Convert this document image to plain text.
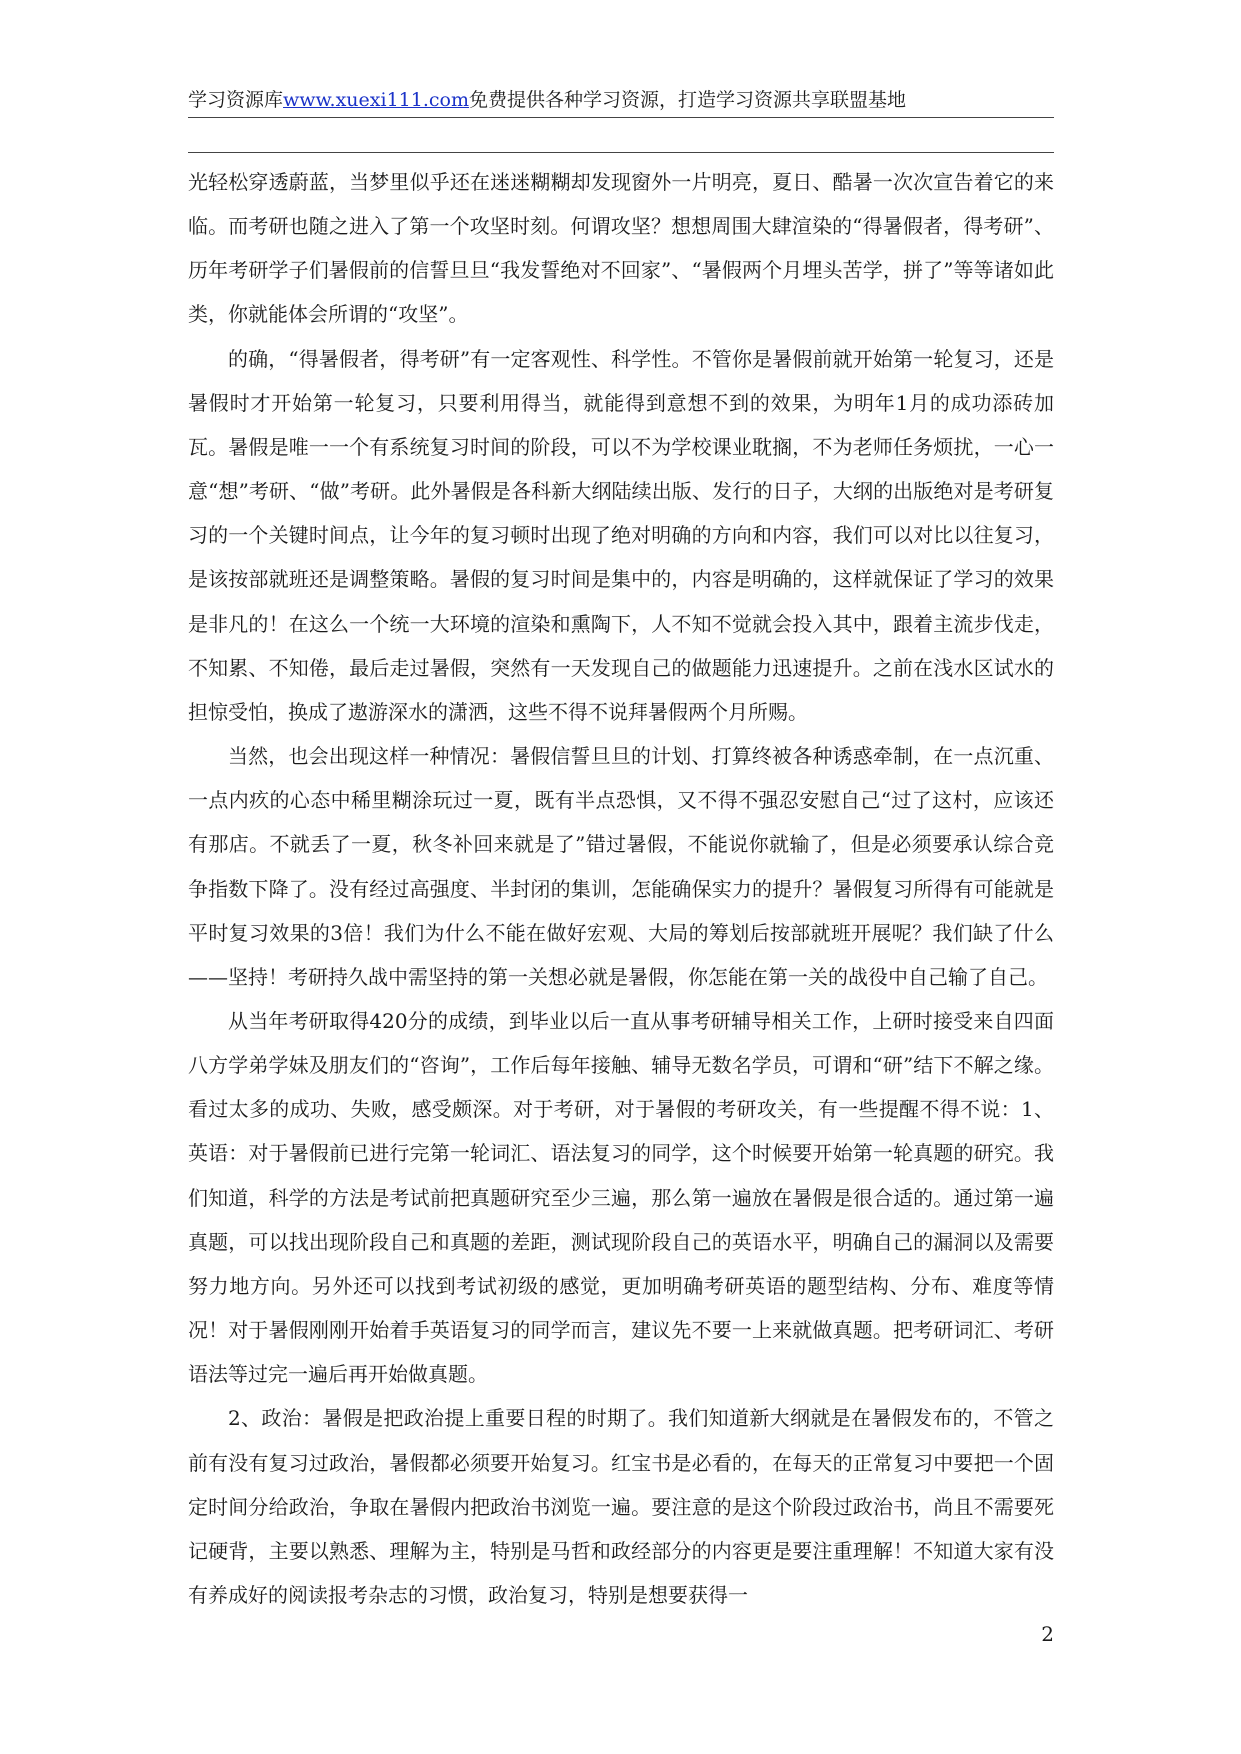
学习资源库www.xuexi111.com免费提供各种学习资源，打造学习资源共享联盟基地

光轻松穿透蔚蓝，当梦里似乎还在迷迷糊糊却发现窗外一片明亮，夏日、酷暑一次次宣告着它的来临。而考研也随之进入了第一个攻坚时刻。何谓攻坚？想想周围大肆渲染的“得暑假者，得考研”、历年考研学子们暑假前的信誓旦旦“我发誓绝对不回家”、“暑假两个月埋头苦学，拼了”等等诸如此类，你就能体会所谓的“攻坚”。

的确，“得暑假者，得考研”有一定客观性、科学性。不管你是暑假前就开始第一轮复习，还是暑假时才开始第一轮复习，只要利用得当，就能得到意想不到的效果，为明年1月的成功添砖加瓦。暑假是唯一一个有系统复习时间的阶段，可以不为学校课业耽搁，不为老师任务烦扰，一心一意“想”考研、“做”考研。此外暑假是各科新大纲陆续出版、发行的日子，大纲的出版绝对是考研复习的一个关键时间点，让今年的复习顿时出现了绝对明确的方向和内容，我们可以对比以往复习，是该按部就班还是调整策略。暑假的复习时间是集中的，内容是明确的，这样就保证了学习的效果是非凡的！在这么一个统一大环境的渲染和熏陶下，人不知不觉就会投入其中，跟着主流步伐走，不知累、不知倦，最后走过暑假，突然有一天发现自己的做题能力迅速提升。之前在浅水区试水的担惊受怕，换成了遨游深水的潇洒，这些不得不说拜暑假两个月所赐。

当然，也会出现这样一种情况：暑假信誓旦旦的计划、打算终被各种诱惑牵制，在一点沉重、一点内疚的心态中稀里糊涂玩过一夏，既有半点恐惧，又不得不强忍安慰自己“过了这村，应该还有那店。不就丢了一夏，秋冬补回来就是了”错过暑假，不能说你就输了，但是必须要承认综合竞争指数下降了。没有经过高强度、半封闭的集训，怎能确保实力的提升？暑假复习所得有可能就是平时复习效果的3倍！我们为什么不能在做好宏观、大局的筹划后按部就班开展呢？我们缺了什么——坚持！考研持久战中需坚持的第一关想必就是暑假，你怎能在第一关的战役中自己输了自己。

从当年考研取得420分的成绩，到毕业以后一直从事考研辅导相关工作，上研时接受来自四面八方学弟学妹及朋友们的“咨询”，工作后每年接触、辅导无数名学员，可谓和“研”结下不解之缘。看过太多的成功、失败，感受颇深。对于考研，对于暑假的考研攻关，有一些提醒不得不说：1、英语：对于暑假前已进行完第一轮词汇、语法复习的同学，这个时候要开始第一轮真题的研究。我们知道，科学的方法是考试前把真题研究至少三遍，那么第一遍放在暑假是很合适的。通过第一遍真题，可以找出现阶段自己和真题的差距，测试现阶段自己的英语水平，明确自己的漏洞以及需要努力地方向。另外还可以找到考试初级的感觉，更加明确考研英语的题型结构、分布、难度等情况！对于暑假刚刚开始着手英语复习的同学而言，建议先不要一上来就做真题。把考研词汇、考研语法等过完一遍后再开始做真题。

2、政治：暑假是把政治提上重要日程的时期了。我们知道新大纲就是在暑假发布的，不管之前有没有复习过政治，暑假都必须要开始复习。红宝书是必看的，在每天的正常复习中要把一个固定时间分给政治，争取在暑假内把政治书浏览一遍。要注意的是这个阶段过政治书，尚且不需要死记硬背，主要以熟悉、理解为主，特别是马哲和政经部分的内容更是要注重理解！不知道大家有没有养成好的阅读报考杂志的习惯，政治复习，特别是想要获得一

2
